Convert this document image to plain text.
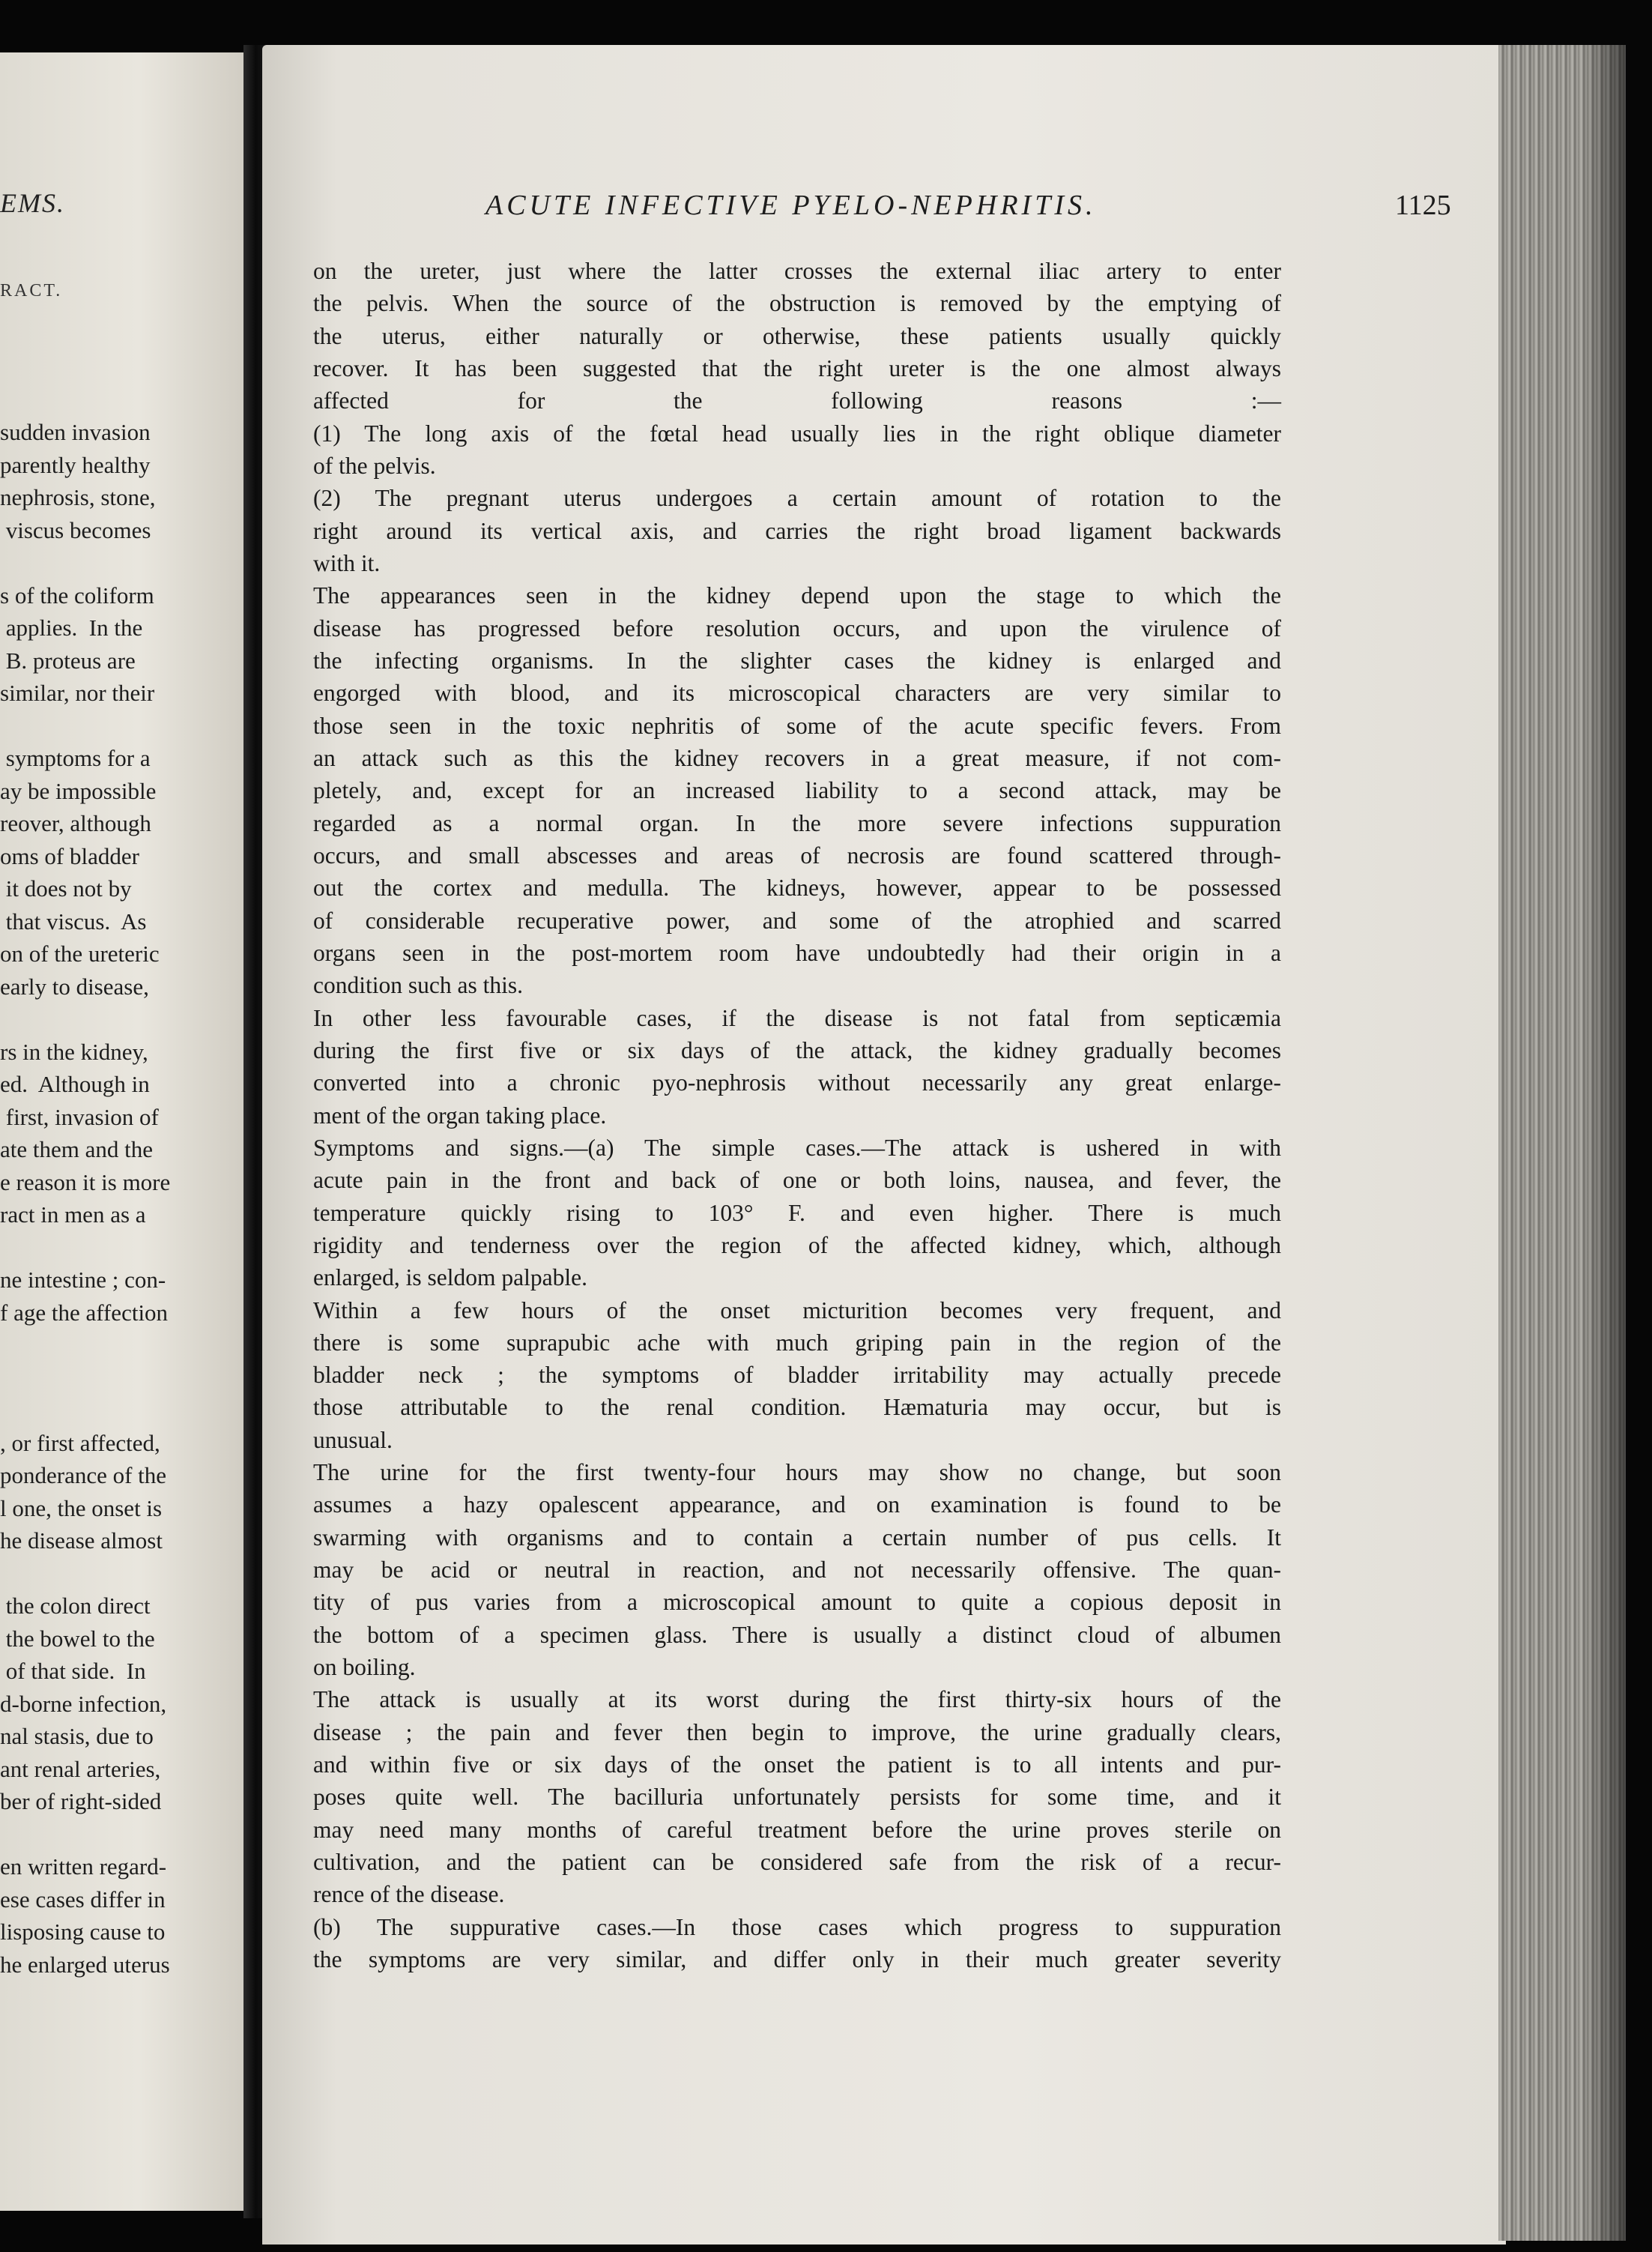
EMS.
RACT.
sudden invasion
parently healthy
nephrosis, stone,
viscus becomes
s of the coliform
applies.  In the
B. proteus are
similar, nor their
symptoms for a
ay be impossible
reover, although
oms of bladder
it does not by
that viscus.  As
on of the ureteric
early to disease,
rs in the kidney,
ed.  Although in
first, invasion of
ate them and the
e reason it is more
ract in men as a
ne intestine ; con-
f age the affection
, or first affected,
ponderance of the
l one, the onset is
he disease almost
the colon direct
the bowel to the
of that side.  In
d-borne infection,
nal stasis, due to
ant renal arteries,
ber of right-sided
en written regard-
ese cases differ in
lisposing cause to
he enlarged uterus
ACUTE INFECTIVE PYELO-NEPHRITIS.	1125
on the ureter, just where the latter crosses the external iliac artery to enter
the pelvis. When the source of the obstruction is removed by the emptying of
the uterus, either naturally or otherwise, these patients usually quickly
recover. It has been suggested that the right ureter is the one almost always
affected for the following reasons :—
(1) The long axis of the fœtal head usually lies in the right oblique diameter
of the pelvis.
(2) The pregnant uterus undergoes a certain amount of rotation to the
right around its vertical axis, and carries the right broad ligament backwards
with it.
The appearances seen in the kidney depend upon the stage to which the
disease has progressed before resolution occurs, and upon the virulence of
the infecting organisms. In the slighter cases the kidney is enlarged and
engorged with blood, and its microscopical characters are very similar to
those seen in the toxic nephritis of some of the acute specific fevers. From
an attack such as this the kidney recovers in a great measure, if not com-
pletely, and, except for an increased liability to a second attack, may be
regarded as a normal organ. In the more severe infections suppuration
occurs, and small abscesses and areas of necrosis are found scattered through-
out the cortex and medulla. The kidneys, however, appear to be possessed
of considerable recuperative power, and some of the atrophied and scarred
organs seen in the post-mortem room have undoubtedly had their origin in a
condition such as this.
In other less favourable cases, if the disease is not fatal from septicæmia
during the first five or six days of the attack, the kidney gradually becomes
converted into a chronic pyo-nephrosis without necessarily any great enlarge-
ment of the organ taking place.
Symptoms and signs.—(a) The simple cases.—The attack is ushered in with
acute pain in the front and back of one or both loins, nausea, and fever, the
temperature quickly rising to 103° F. and even higher. There is much
rigidity and tenderness over the region of the affected kidney, which, although
enlarged, is seldom palpable.
Within a few hours of the onset micturition becomes very frequent, and
there is some suprapubic ache with much griping pain in the region of the
bladder neck ; the symptoms of bladder irritability may actually precede
those attributable to the renal condition. Hæmaturia may occur, but is
unusual.
The urine for the first twenty-four hours may show no change, but soon
assumes a hazy opalescent appearance, and on examination is found to be
swarming with organisms and to contain a certain number of pus cells. It
may be acid or neutral in reaction, and not necessarily offensive. The quan-
tity of pus varies from a microscopical amount to quite a copious deposit in
the bottom of a specimen glass. There is usually a distinct cloud of albumen
on boiling.
The attack is usually at its worst during the first thirty-six hours of the
disease ; the pain and fever then begin to improve, the urine gradually clears,
and within five or six days of the onset the patient is to all intents and pur-
poses quite well. The bacilluria unfortunately persists for some time, and it
may need many months of careful treatment before the urine proves sterile on
cultivation, and the patient can be considered safe from the risk of a recur-
rence of the disease.
(b) The suppurative cases.—In those cases which progress to suppuration
the symptoms are very similar, and differ only in their much greater severity
